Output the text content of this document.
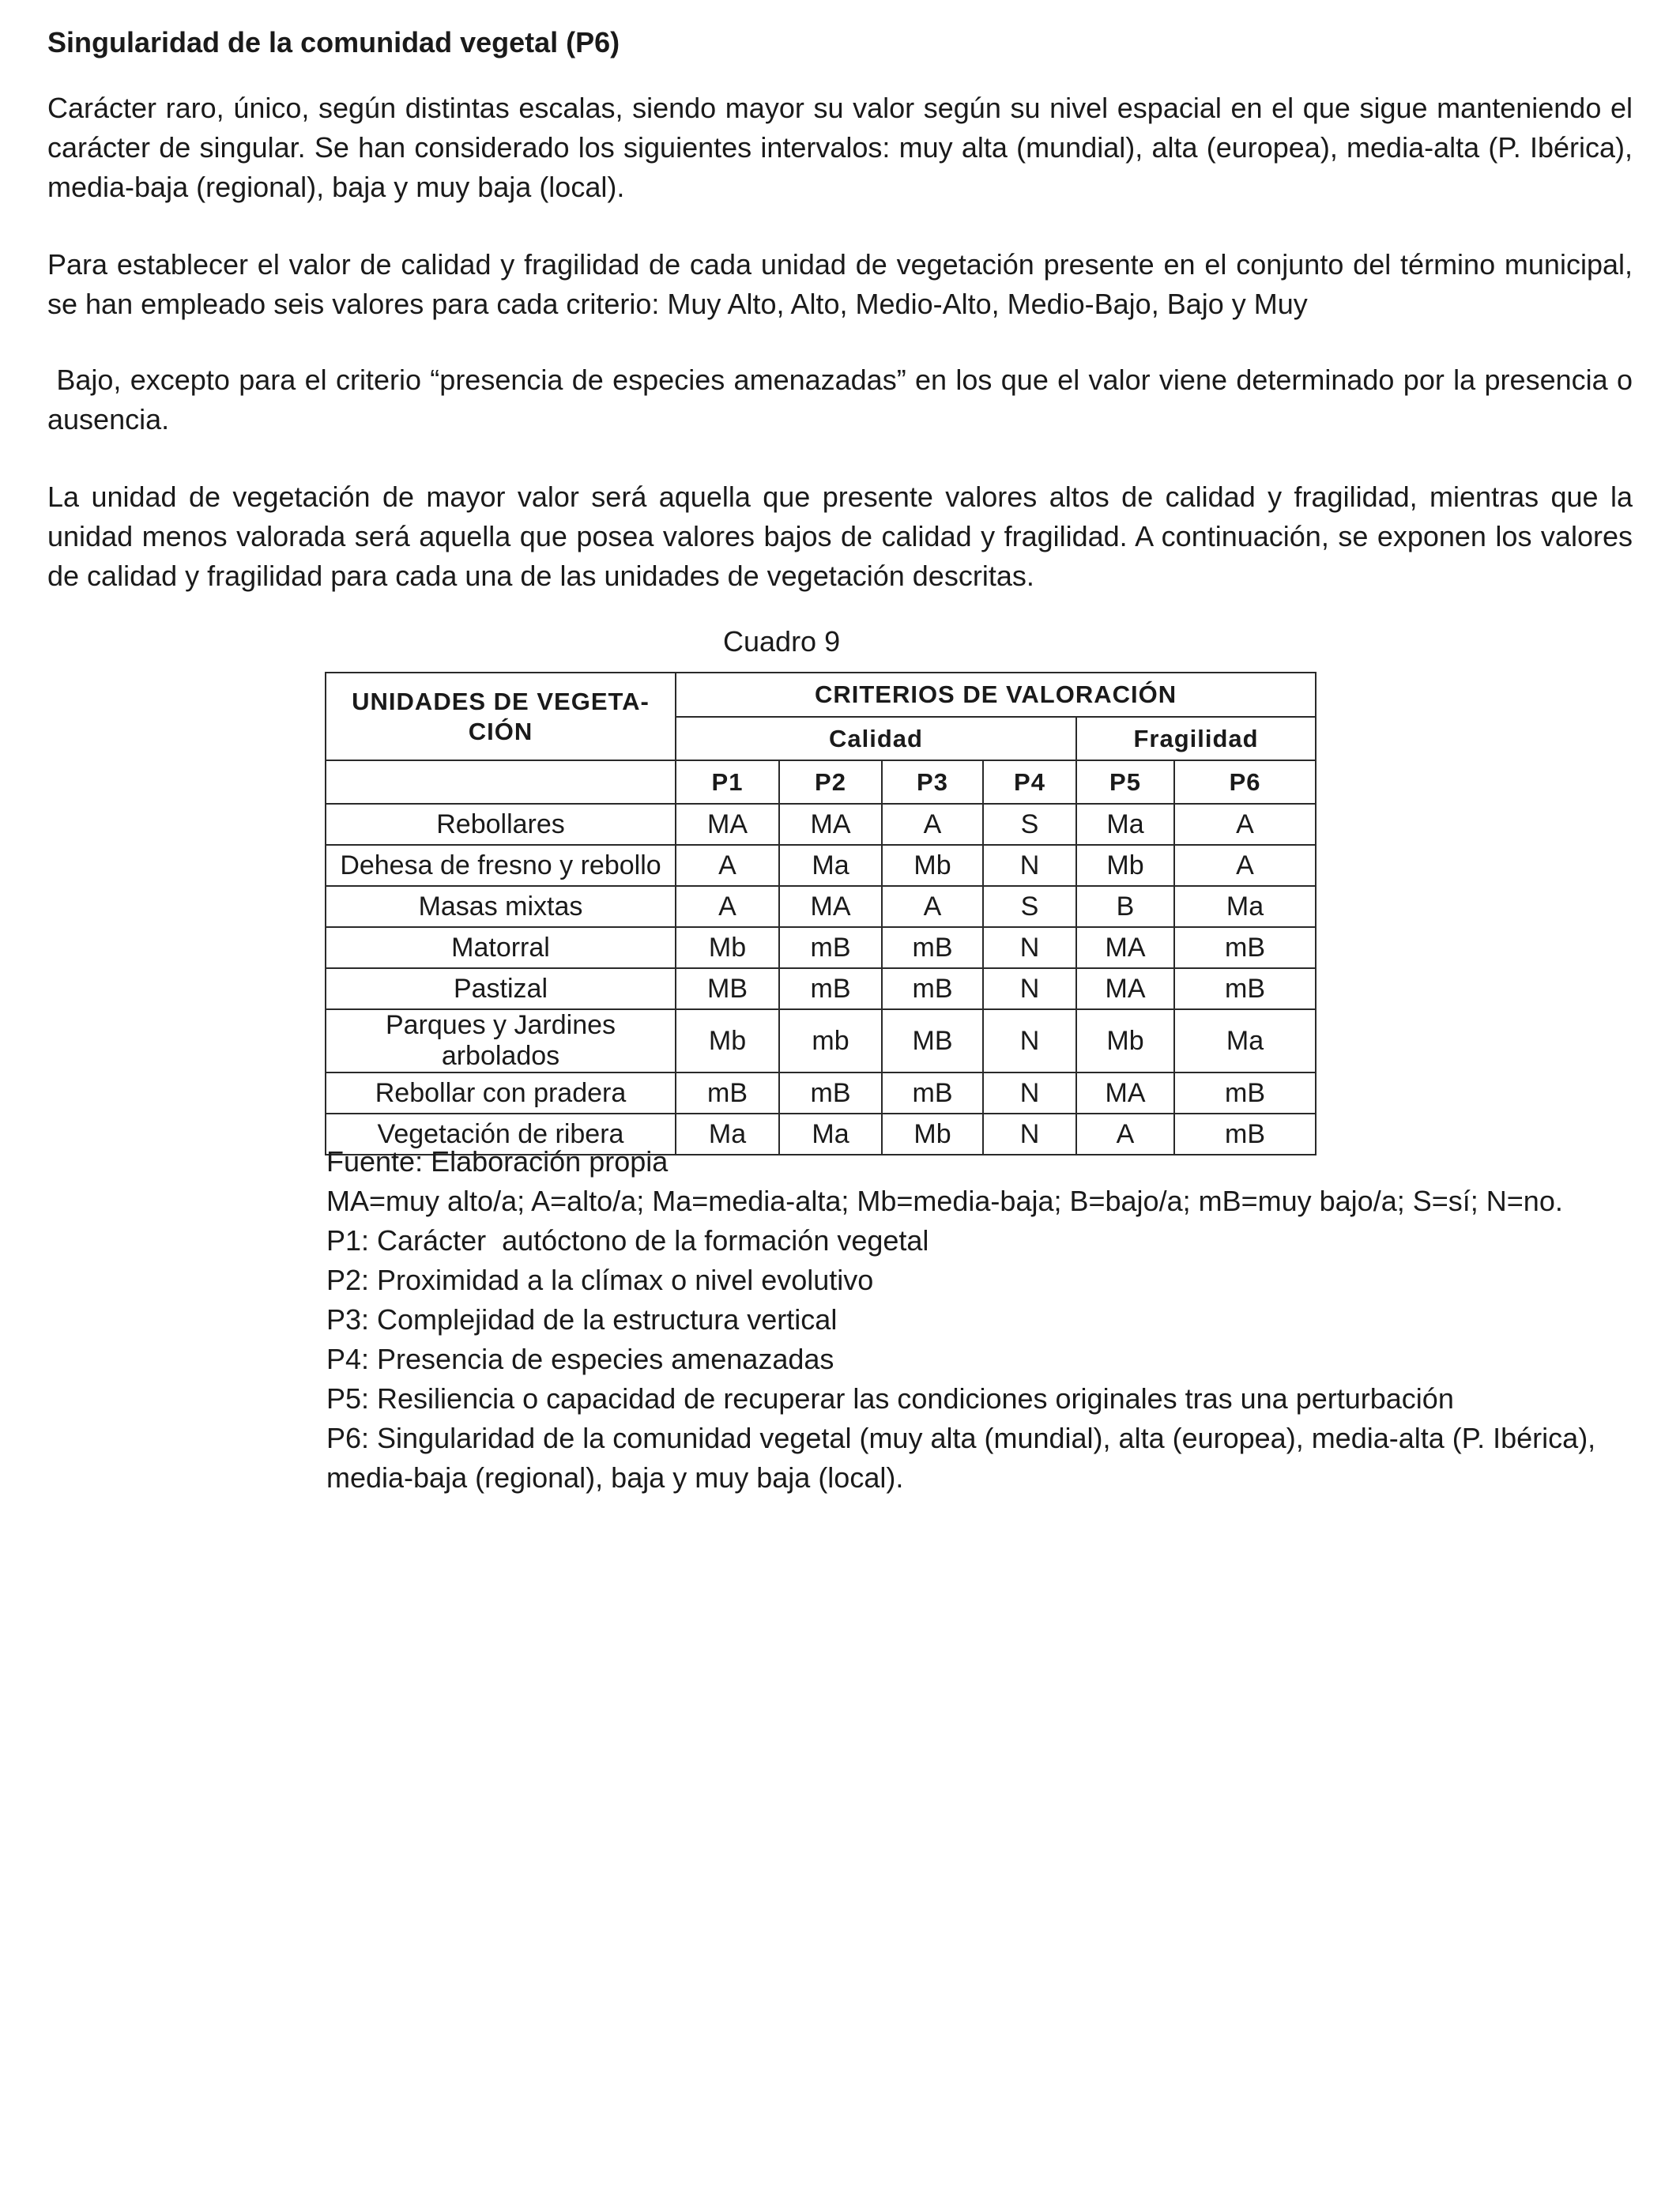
Singularidad de la comunidad vegetal (P6)

Carácter raro, único, según distintas escalas, siendo mayor su valor según su nivel espacial en el que sigue manteniendo el carácter de singular. Se han considerado los siguientes intervalos: muy alta (mundial), alta (europea), media-alta (P. Ibérica), media-baja (regional), baja y muy baja (local).

Para establecer el valor de calidad y fragilidad de cada unidad de vegetación presente en el conjunto del término municipal, se han empleado seis valores para cada criterio: Muy Alto, Alto, Medio-Alto, Medio-Bajo, Bajo y Muy

Bajo, excepto para el criterio “presencia de especies amenazadas” en los que el valor viene determinado por la presencia o ausencia.

La unidad de vegetación de mayor valor será aquella que presente valores altos de calidad y fragilidad, mientras que la unidad menos valorada será aquella que posea valores bajos de calidad y fragilidad. A continuación, se exponen los valores de calidad y fragilidad para cada una de las unidades de vegetación descritas.

Cuadro 9
UNIDADES DE VEGETA-CIÓN	CRITERIOS DE VALORACIÓN					
	Calidad				Fragilidad	
	P1	P2	P3	P4	P5	P6
Rebollares	MA	MA	A	S	Ma	A
Dehesa de fresno y rebollo	A	Ma	Mb	N	Mb	A
Masas mixtas	A	MA	A	S	B	Ma
Matorral	Mb	mB	mB	N	MA	mB
Pastizal	MB	mB	mB	N	MA	mB
Parques y Jardines arbolados	Mb	mb	MB	N	Mb	Ma
Rebollar con pradera	mB	mB	mB	N	MA	mB
Vegetación de ribera	Ma	Ma	Mb	N	A	mB
Fuente: Elaboración propia
MA=muy alto/a; A=alto/a; Ma=media-alta; Mb=media-baja; B=bajo/a; mB=muy bajo/a; S=sí; N=no.
P1: Carácter  autóctono de la formación vegetal
P2: Proximidad a la clímax o nivel evolutivo
P3: Complejidad de la estructura vertical
P4: Presencia de especies amenazadas
P5: Resiliencia o capacidad de recuperar las condiciones originales tras una perturbación
P6: Singularidad de la comunidad vegetal (muy alta (mundial), alta (europea), media-alta (P. Ibérica), media-baja (regional), baja y muy baja (local).
